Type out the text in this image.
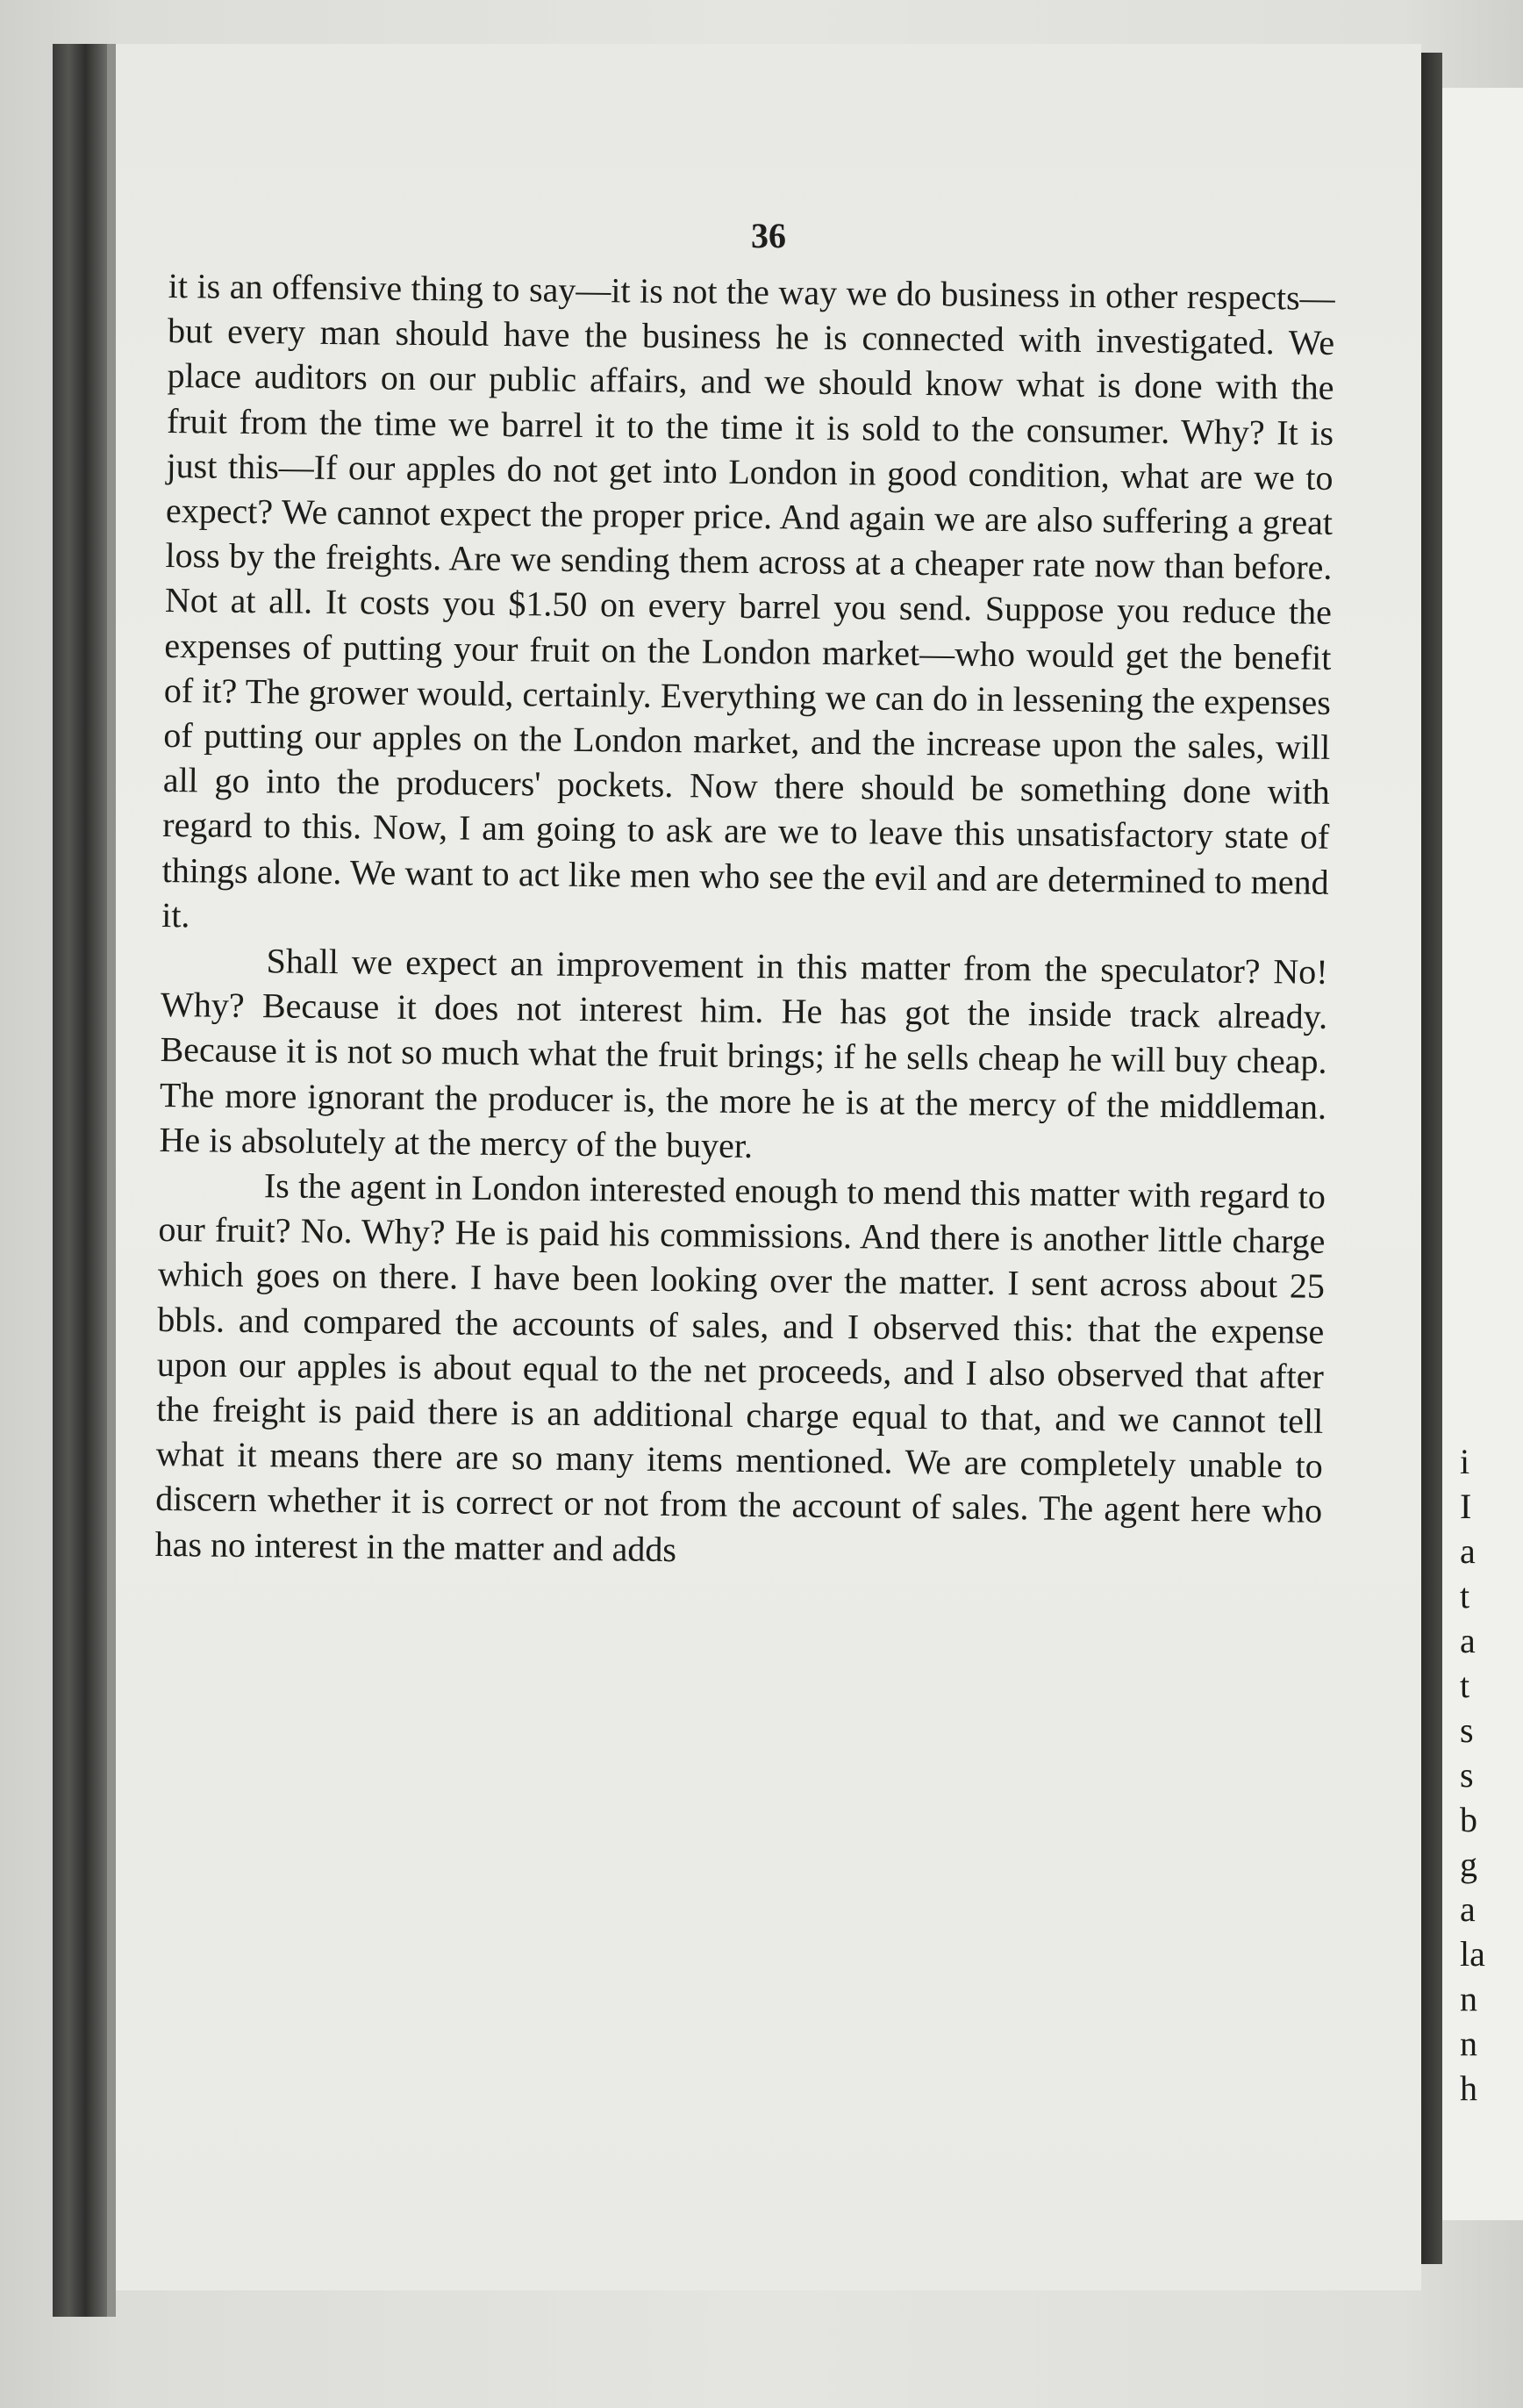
36

it is an offensive thing to say—it is not the way we do business in other respects—but every man should have the business he is connected with investigated. We place auditors on our public affairs, and we should know what is done with the fruit from the time we barrel it to the time it is sold to the consumer. Why? It is just this—If our apples do not get into London in good condition, what are we to expect? We cannot expect the proper price. And again we are also suffering a great loss by the freights. Are we sending them across at a cheaper rate now than before. Not at all. It costs you $1.50 on every barrel you send. Suppose you reduce the expenses of putting your fruit on the London market—who would get the benefit of it? The grower would, certainly. Everything we can do in lessening the expenses of putting our apples on the London market, and the increase upon the sales, will all go into the producers' pockets. Now there should be something done with regard to this. Now, I am going to ask are we to leave this unsatisfactory state of things alone. We want to act like men who see the evil and are determined to mend it.

Shall we expect an improvement in this matter from the speculator? No! Why? Because it does not interest him. He has got the inside track already. Because it is not so much what the fruit brings; if he sells cheap he will buy cheap. The more ignorant the producer is, the more he is at the mercy of the middleman. He is absolutely at the mercy of the buyer.

Is the agent in London interested enough to mend this matter with regard to our fruit? No. Why? He is paid his commissions. And there is another little charge which goes on there. I have been looking over the matter. I sent across about 25 bbls. and compared the accounts of sales, and I observed this: that the expense upon our apples is about equal to the net proceeds, and I also observed that after the freight is paid there is an additional charge equal to that, and we cannot tell what it means there are so many items mentioned. We are completely unable to discern whether it is correct or not from the account of sales. The agent here who has no interest in the matter and adds

i
I
a
t
a
t
s
s
b
g
a
la
n
n
h
